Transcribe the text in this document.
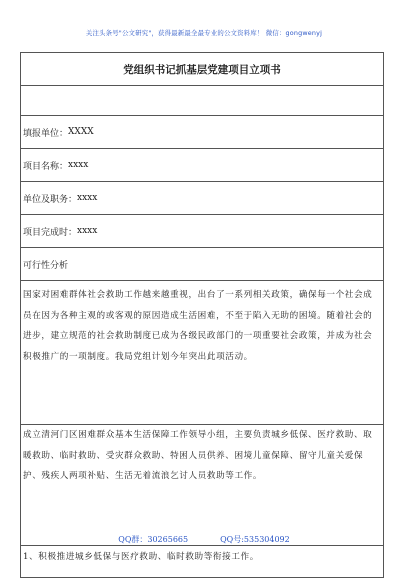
关注头条号"公文研究"，获得最新最全最专业的公文资料库！ 微信：gongwenyj
党组织书记抓基层党建项目立项书
填报单位： XXXX
项目名称： xxxx
单位及职务： xxxx
项目完成时： xxxx
可行性分析
国家对困难群体社会救助工作越来越重视，出台了一系列相关政策，确保每一个社会成员在因为各种主观的或客观的原因造成生活困难，不至于陷入无助的困境。随着社会的进步，建立规范的社会救助制度已成为各级民政部门的一项重要社会政策，并成为社会积极推广的一项制度。我局党组计划今年突出此项活动。
成立清河门区困难群众基本生活保障工作领导小组，主要负责城乡低保、医疗救助、取暖救助、临时救助、受灾群众救助、特困人员供养、困境儿童保障、留守儿童关爱保护、残疾人两项补贴、生活无着流浪乞讨人员救助等工作。
1、积极推进城乡低保与医疗救助、临时救助等衔接工作。
QQ群：30265665	QQ号:535304092
